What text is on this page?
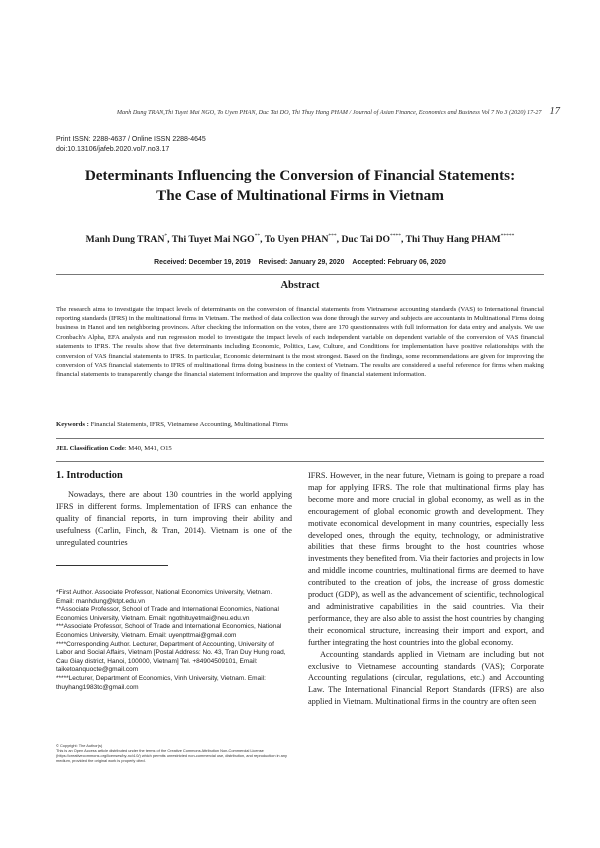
Manh Dung TRAN,Thi Tuyet Mai NGO, To Uyen PHAN, Duc Tai DO, Thi Thuy Hang PHAM / Journal of Asian Finance, Economics and Business Vol 7 No 3 (2020) 17-27 17
Print ISSN: 2288-4637 / Online ISSN 2288-4645
doi:10.13106/jafeb.2020.vol7.no3.17
Determinants Influencing the Conversion of Financial Statements:
The Case of Multinational Firms in Vietnam
Manh Dung TRAN*, Thi Tuyet Mai NGO**, To Uyen PHAN***, Duc Tai DO****, Thi Thuy Hang PHAM*****
Received: December 19, 2019 Revised: January 29, 2020 Accepted: February 06, 2020
Abstract

The research aims to investigate the impact levels of determinants on the conversion of financial statements from Vietnamese accounting standards (VAS) to International financial reporting standards (IFRS) in the multinational firms in Vietnam. The method of data collection was done through the survey and subjects are accountants in Multinational Firms doing business in Hanoi and ten neighboring provinces. After checking the information on the votes, there are 170 questionnaires with full information for data entry and analysis. We use Cronbach's Alpha, EFA analysis and run regression model to investigate the impact levels of each independent variable on dependent variable of the conversion of VAS financial statements to IFRS. The results show that five determinants including Economic, Politics, Law, Culture, and Conditions for implementation have positive relationships with the conversion of VAS financial statements to IFRS. In particular, Economic determinant is the most strongest. Based on the findings, some recommendations are given for improving the conversion of VAS financial statements to IFRS of multinational firms doing business in the context of Vietnam. The results are considered a useful reference for firms when making financial statements to transparently change the financial statement information and improve the quality of financial statement information.

Keywords : Financial Statements, IFRS, Vietnamese Accounting, Multinational Firms
JEL Classification Code: M40, M41, O15
1. Introduction

Nowadays, there are about 130 countries in the world applying IFRS in different forms. Implementation of IFRS can enhance the quality of financial reports, in turn improving their ability and usefulness (Carlin, Finch, & Tran, 2014). Vietnam is one of the unregulated countries

*First Author. Associate Professor, National Economics University, Vietnam. Email: manhdung@ktpt.edu.vn

**Associate Professor, School of Trade and International Economics, National Economics University, Vietnam. Email: ngothituyetmai@neu.edu.vn

***Associate Professor, School of Trade and International Economics, National Economics University, Vietnam. Email: uyenpttmai@gmail.com

****Corresponding Author. Lecturer, Department of Accounting, University of Labor and Social Affairs, Vietnam [Postal Address: No. 43, Tran Duy Hung road, Cau Giay district, Hanoi, 100000, Vietnam] Tel. +84904509101, Email: taiketoanquocte@gmail.com

*****Lecturer, Department of Economics, Vinh University, Vietnam. Email: thuyhang1983tc@gmail.com

© Copyright: The Author(s)

This is an Open Access article distributed under the terms of the Creative Commons Attribution Non-Commercial License (https://creativecommons.org/licenses/by-nc/4.0/) which permits unrestricted non-commercial use, distribution, and reproduction in any medium, provided the original work is properly cited.

IFRS. However, in the near future, Vietnam is going to prepare a road map for applying IFRS. The role that multinational firms play has become more and more crucial in global economy, as well as in the encouragement of global economic growth and development. They motivate economical development in many countries, especially less developed ones, through the equity, technology, or administrative abilities that these firms brought to the host countries whose investments they benefited from. Via their factories and projects in low and middle income countries, multinational firms are deemed to have contributed to the creation of jobs, the increase of gross domestic product (GDP), as well as the advancement of scientific, technological and administrative capabilities in the said countries. Via their performance, they are also able to assist the host countries by changing their economical structure, increasing their import and export, and further integrating the host countries into the global economy.

Accounting standards applied in Vietnam are including but not exclusive to Vietnamese accounting standards (VAS); Corporate Accounting regulations (circular, regulations, etc.) and Accounting Law. The International Financial Report Standards (IFRS) are also applied in Vietnam. Multinational firms in the country are often seen
